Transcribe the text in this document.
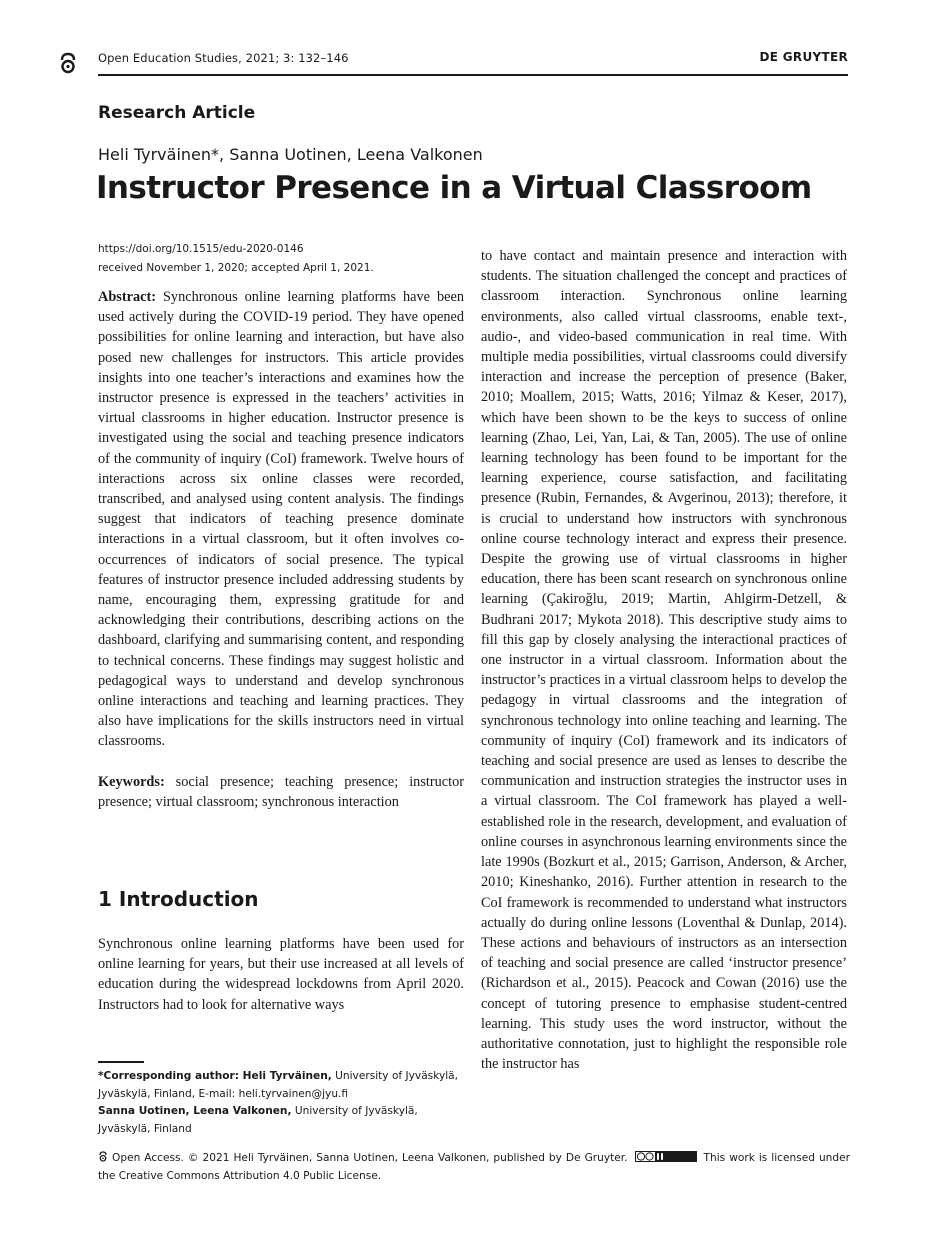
Open Education Studies, 2021; 3: 132–146	DE GRUYTER
Research Article
Heli Tyrväinen*, Sanna Uotinen, Leena Valkonen
Instructor Presence in a Virtual Classroom
https://doi.org/10.1515/edu-2020-0146
received November 1, 2020; accepted April 1, 2021.

Abstract: Synchronous online learning platforms have been used actively during the COVID-19 period. They have opened possibilities for online learning and interaction, but have also posed new challenges for instructors. This article provides insights into one teacher’s interactions and examines how the instructor presence is expressed in the teachers’ activities in virtual classrooms in higher education. Instructor presence is investigated using the social and teaching presence indicators of the community of inquiry (CoI) framework. Twelve hours of interactions across six online classes were recorded, transcribed, and analysed using content analysis. The findings suggest that indicators of teaching presence dominate interactions in a virtual classroom, but it often involves co-occurrences of indicators of social presence. The typical features of instructor presence included addressing students by name, encouraging them, expressing gratitude for and acknowledging their contributions, describing actions on the dashboard, clarifying and summarising content, and responding to technical concerns. These findings may suggest holistic and pedagogical ways to understand and develop synchronous online interactions and teaching and learning practices. They also have implications for the skills instructors need in virtual classrooms.

Keywords: social presence; teaching presence; instructor presence; virtual classroom; synchronous interaction

1 Introduction

Synchronous online learning platforms have been used for online learning for years, but their use increased at all levels of education during the widespread lockdowns from April 2020. Instructors had to look for alternative ways

to have contact and maintain presence and interaction with students. The situation challenged the concept and practices of classroom interaction. Synchronous online learning environments, also called virtual classrooms, enable text-, audio-, and video-based communication in real time. With multiple media possibilities, virtual classrooms could diversify interaction and increase the perception of presence (Baker, 2010; Moallem, 2015; Watts, 2016; Yilmaz & Keser, 2017), which have been shown to be the keys to success of online learning (Zhao, Lei, Yan, Lai, & Tan, 2005). The use of online learning technology has been found to be important for the learning experience, course satisfaction, and facilitating presence (Rubin, Fernandes, & Avgerinou, 2013); therefore, it is crucial to understand how instructors with synchronous online course technology interact and express their presence. Despite the growing use of virtual classrooms in higher education, there has been scant research on synchronous online learning (Çakiroğlu, 2019; Martin, Ahlgirm-Detzell, & Budhrani 2017; Mykota 2018). This descriptive study aims to fill this gap by closely analysing the interactional practices of one instructor in a virtual classroom. Information about the instructor’s practices in a virtual classroom helps to develop the pedagogy in virtual classrooms and the integration of synchronous technology into online teaching and learning. The community of inquiry (CoI) framework and its indicators of teaching and social presence are used as lenses to describe the communication and instruction strategies the instructor uses in a virtual classroom. The CoI framework has played a well-established role in the research, development, and evaluation of online courses in asynchronous learning environments since the late 1990s (Bozkurt et al., 2015; Garrison, Anderson, & Archer, 2010; Kineshanko, 2016). Further attention in research to the CoI framework is recommended to understand what instructors actually do during online lessons (Loventhal & Dunlap, 2014). These actions and behaviours of instructors as an intersection of teaching and social presence are called ‘instructor presence’ (Richardson et al., 2015). Peacock and Cowan (2016) use the concept of tutoring presence to emphasise student-centred learning. This study uses the word instructor, without the authoritative connotation, just to highlight the responsible role the instructor has

*Corresponding author: Heli Tyrväinen, University of Jyväskylä, Jyväskylä, Finland, E-mail: heli.tyrvainen@jyu.fi
Sanna Uotinen, Leena Valkonen, University of Jyväskylä, Jyväskylä, Finland
Open Access. © 2021 Heli Tyrväinen, Sanna Uotinen, Leena Valkonen, published by De Gruyter.	This work is licensed under the Creative Commons Attribution 4.0 Public License.
